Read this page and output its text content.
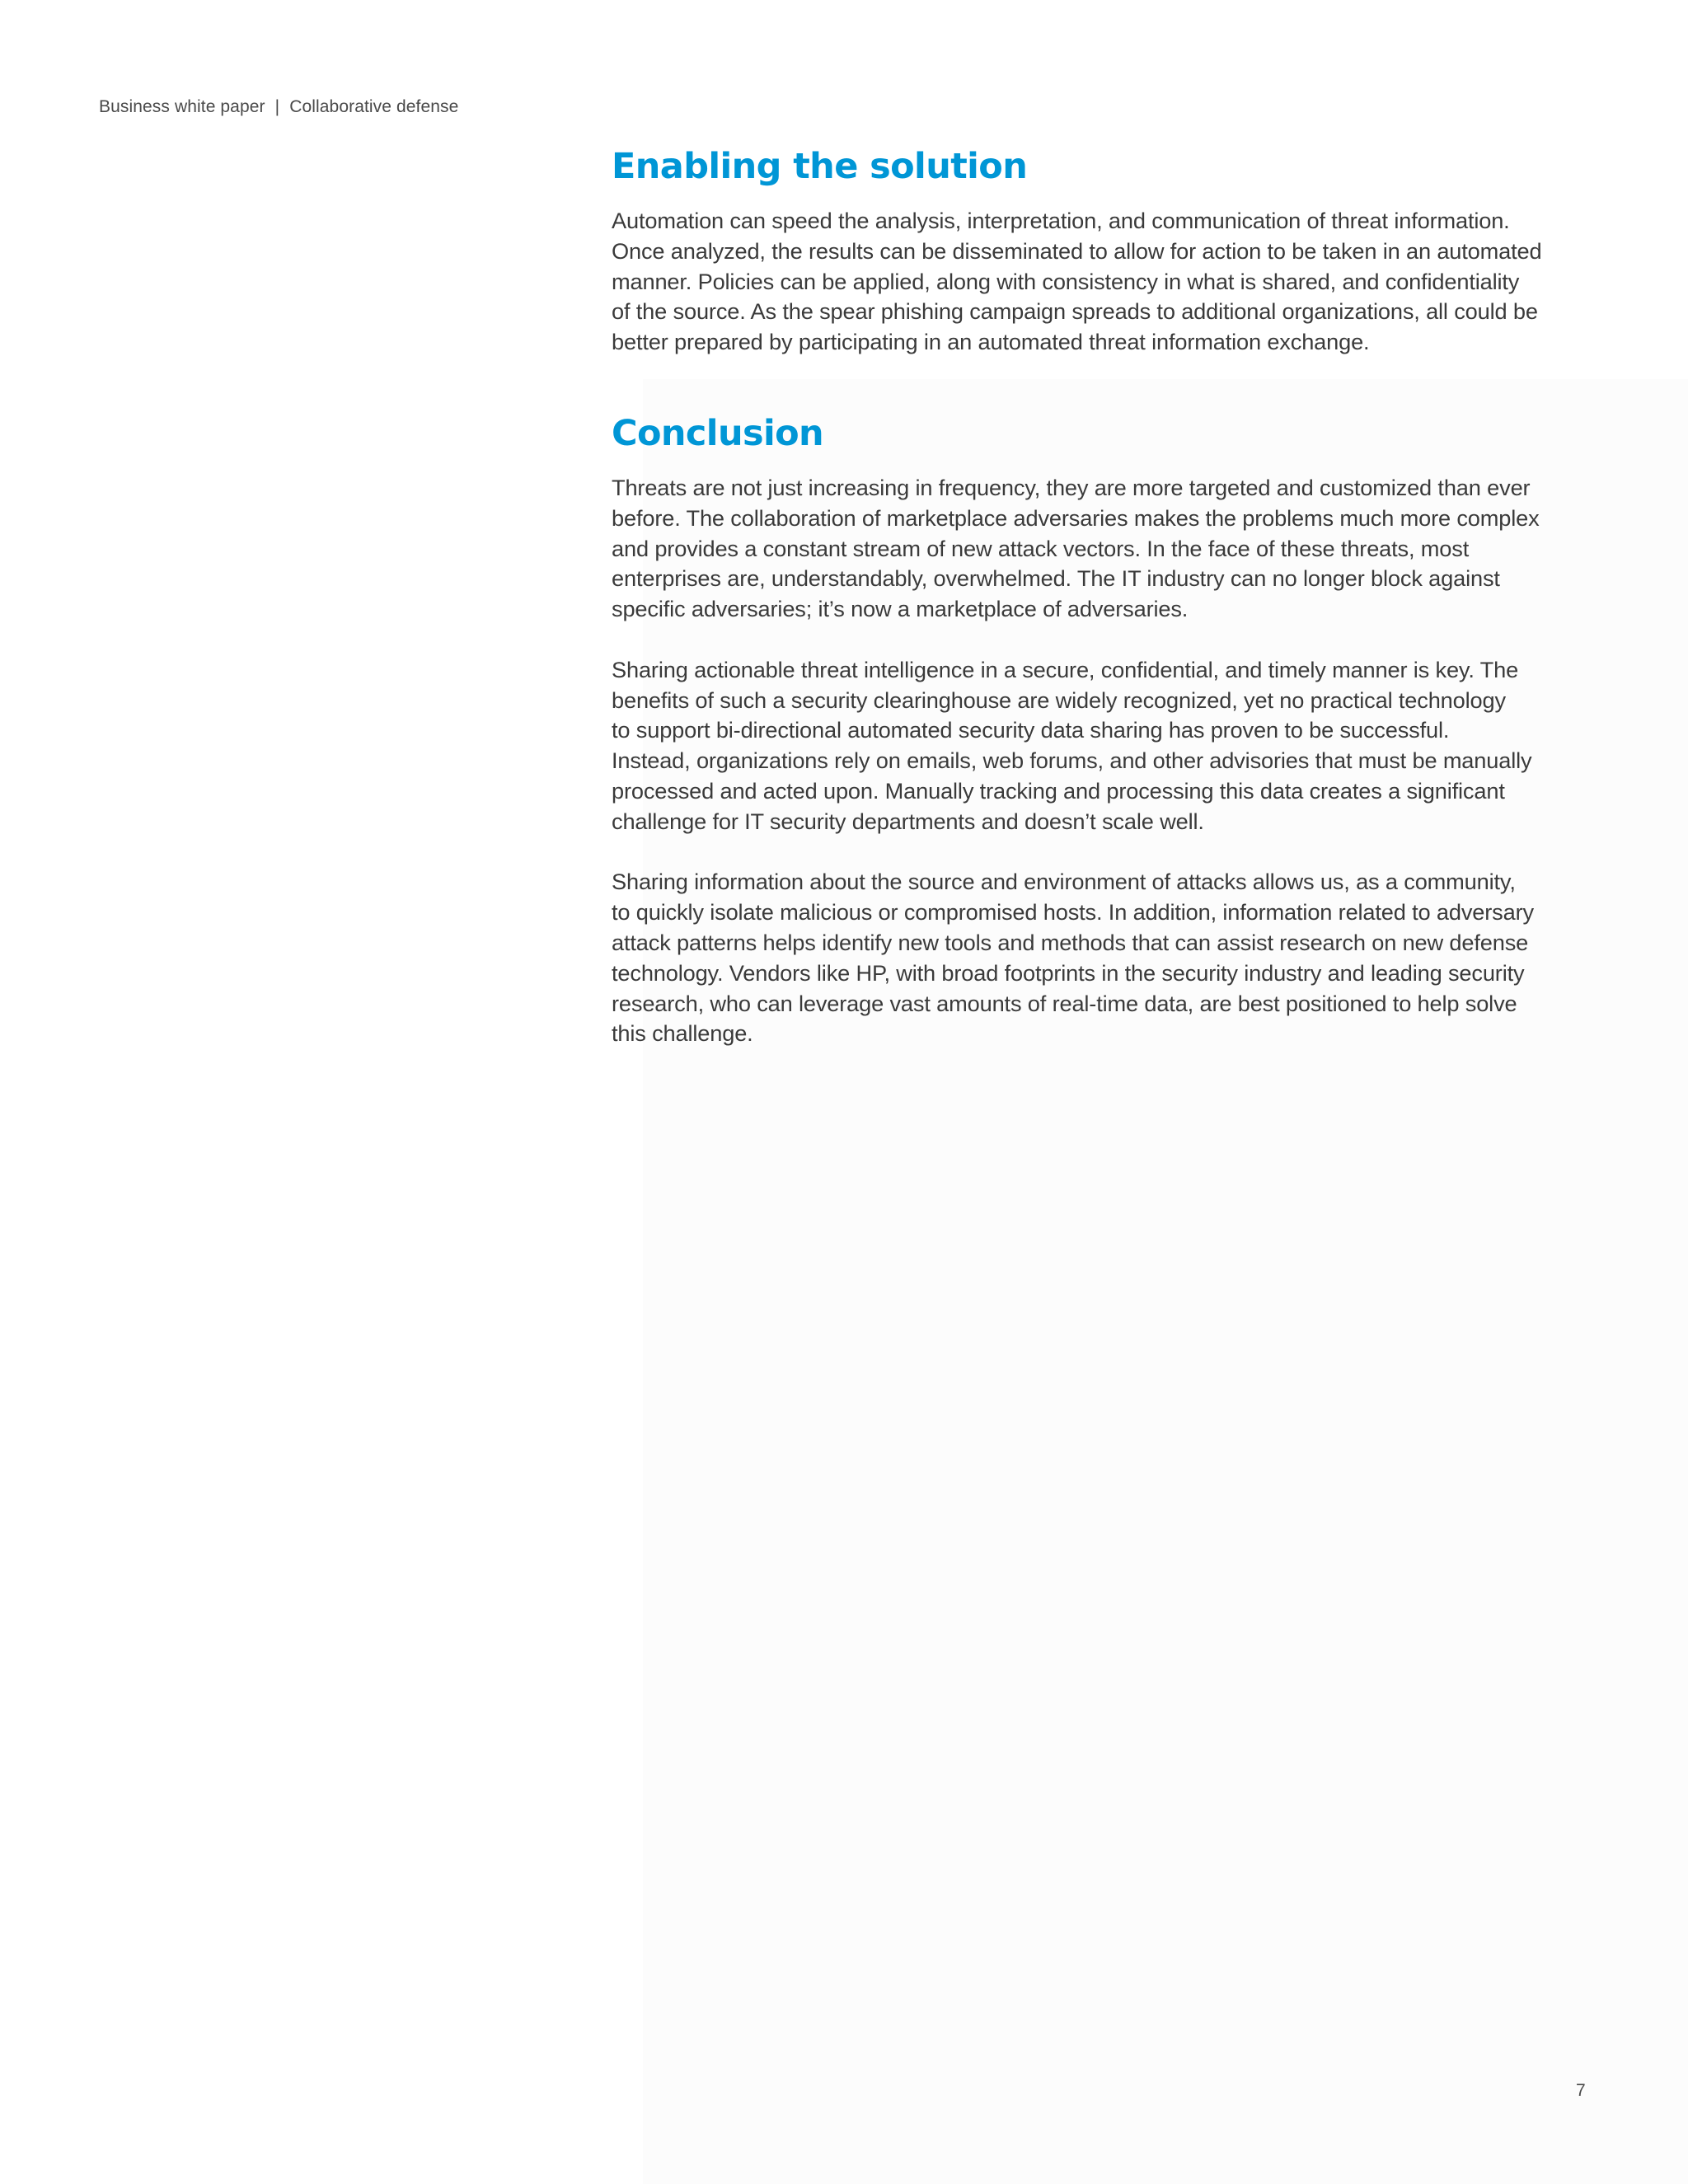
Business white paper | Collaborative defense
Enabling the solution

Automation can speed the analysis, interpretation, and communication of threat information.
Once analyzed, the results can be disseminated to allow for action to be taken in an automated
manner. Policies can be applied, along with consistency in what is shared, and confidentiality
of the source. As the spear phishing campaign spreads to additional organizations, all could be
better prepared by participating in an automated threat information exchange.

Conclusion

Threats are not just increasing in frequency, they are more targeted and customized than ever
before. The collaboration of marketplace adversaries makes the problems much more complex
and provides a constant stream of new attack vectors. In the face of these threats, most
enterprises are, understandably, overwhelmed. The IT industry can no longer block against
specific adversaries; it’s now a marketplace of adversaries.

Sharing actionable threat intelligence in a secure, confidential, and timely manner is key. The
benefits of such a security clearinghouse are widely recognized, yet no practical technology
to support bi-directional automated security data sharing has proven to be successful.
Instead, organizations rely on emails, web forums, and other advisories that must be manually
processed and acted upon. Manually tracking and processing this data creates a significant
challenge for IT security departments and doesn’t scale well.

Sharing information about the source and environment of attacks allows us, as a community,
to quickly isolate malicious or compromised hosts. In addition, information related to adversary
attack patterns helps identify new tools and methods that can assist research on new defense
technology. Vendors like HP, with broad footprints in the security industry and leading security
research, who can leverage vast amounts of real-time data, are best positioned to help solve
this challenge.

7
